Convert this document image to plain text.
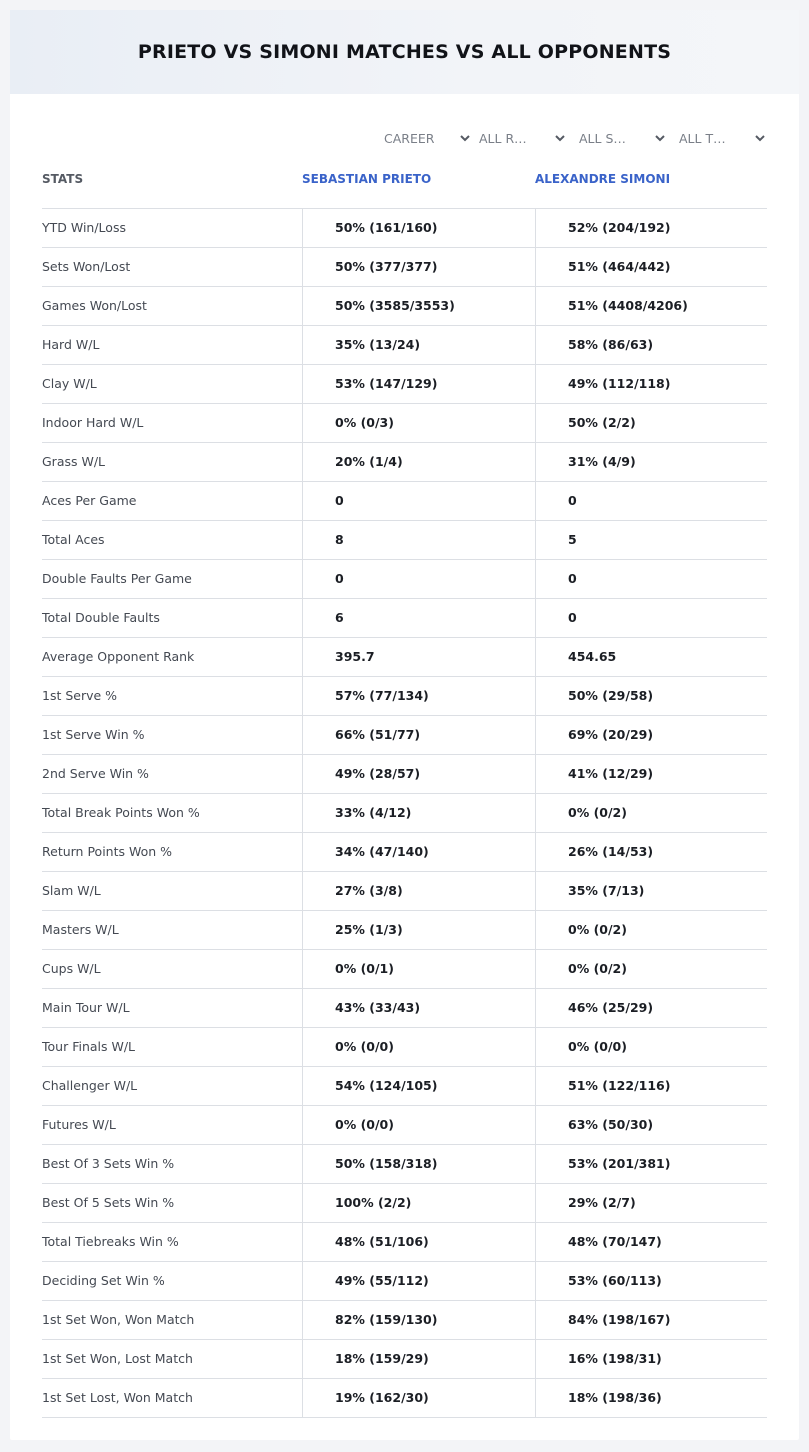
PRIETO VS SIMONI MATCHES VS ALL OPPONENTS
CAREER	ALL R…	ALL S…	ALL T…
STATS	SEBASTIAN PRIETO	ALEXANDRE SIMONI
YTD Win/Loss	50% (161/160)	52% (204/192)
Sets Won/Lost	50% (377/377)	51% (464/442)
Games Won/Lost	50% (3585/3553)	51% (4408/4206)
Hard W/L	35% (13/24)	58% (86/63)
Clay W/L	53% (147/129)	49% (112/118)
Indoor Hard W/L	0% (0/3)	50% (2/2)
Grass W/L	20% (1/4)	31% (4/9)
Aces Per Game	0	0
Total Aces	8	5
Double Faults Per Game	0	0
Total Double Faults	6	0
Average Opponent Rank	395.7	454.65
1st Serve %	57% (77/134)	50% (29/58)
1st Serve Win %	66% (51/77)	69% (20/29)
2nd Serve Win %	49% (28/57)	41% (12/29)
Total Break Points Won %	33% (4/12)	0% (0/2)
Return Points Won %	34% (47/140)	26% (14/53)
Slam W/L	27% (3/8)	35% (7/13)
Masters W/L	25% (1/3)	0% (0/2)
Cups W/L	0% (0/1)	0% (0/2)
Main Tour W/L	43% (33/43)	46% (25/29)
Tour Finals W/L	0% (0/0)	0% (0/0)
Challenger W/L	54% (124/105)	51% (122/116)
Futures W/L	0% (0/0)	63% (50/30)
Best Of 3 Sets Win %	50% (158/318)	53% (201/381)
Best Of 5 Sets Win %	100% (2/2)	29% (2/7)
Total Tiebreaks Win %	48% (51/106)	48% (70/147)
Deciding Set Win %	49% (55/112)	53% (60/113)
1st Set Won, Won Match	82% (159/130)	84% (198/167)
1st Set Won, Lost Match	18% (159/29)	16% (198/31)
1st Set Lost, Won Match	19% (162/30)	18% (198/36)
